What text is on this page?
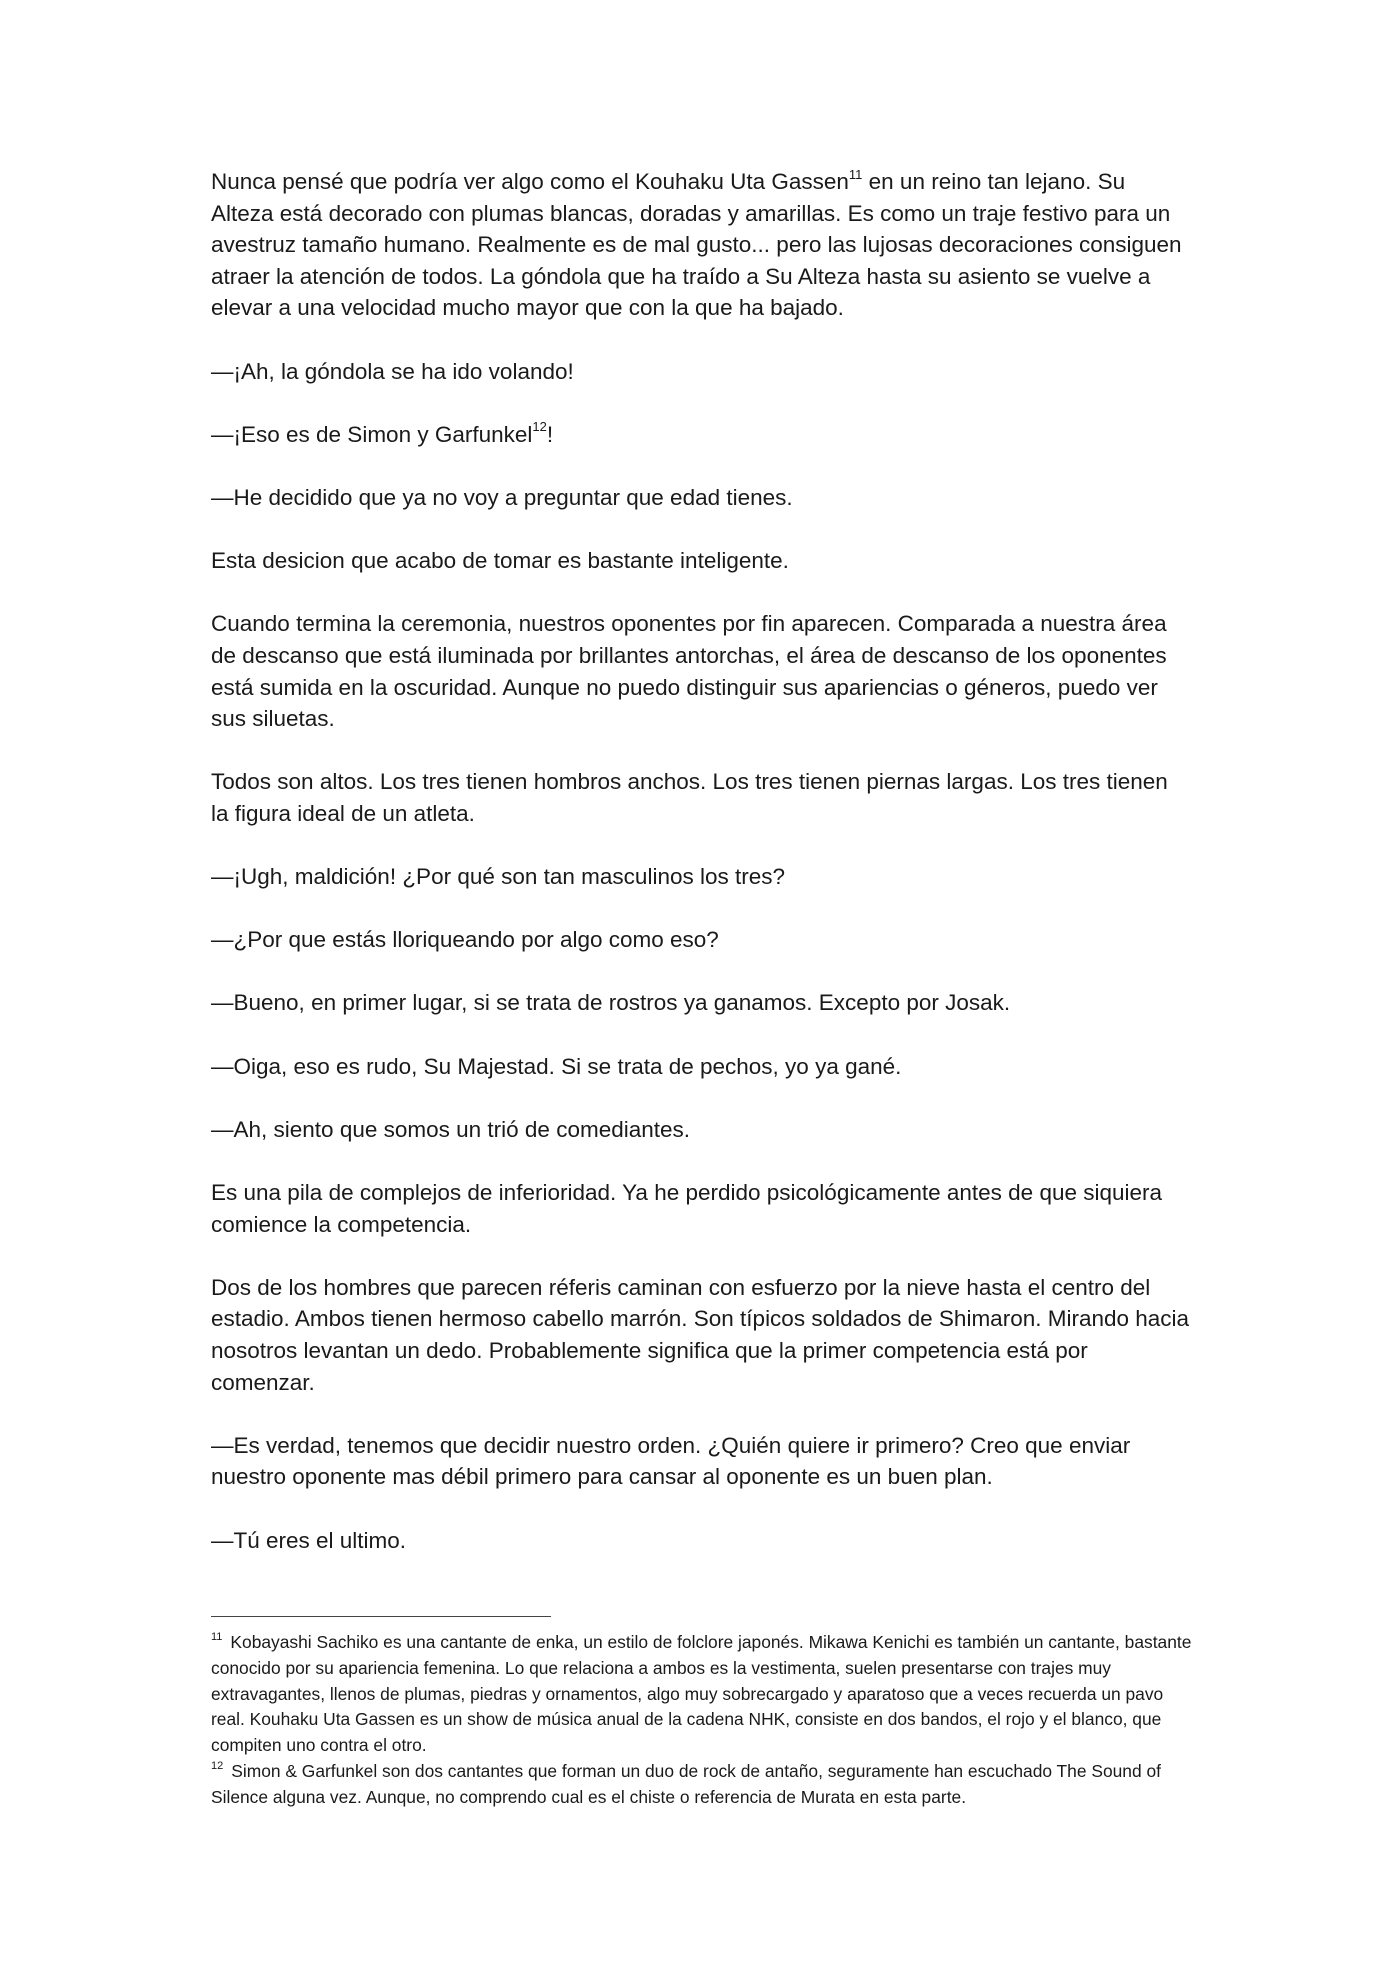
Nunca pensé que podría ver algo como el Kouhaku Uta Gassen$^{11}$ en un reino tan lejano. Su Alteza está decorado con plumas blancas, doradas y amarillas. Es como un traje festivo para un avestruz tamaño humano. Realmente es de mal gusto... pero las lujosas decoraciones consiguen atraer la atención de todos. La góndola que ha traído a Su Alteza hasta su asiento se vuelve a elevar a una velocidad mucho mayor que con la que ha bajado.

—¡Ah, la góndola se ha ido volando!

—¡Eso es de Simon y Garfunkel$^{12}$!

—He decidido que ya no voy a preguntar que edad tienes.

Esta desicion que acabo de tomar es bastante inteligente.

Cuando termina la ceremonia, nuestros oponentes por fin aparecen. Comparada a nuestra área de descanso que está iluminada por brillantes antorchas, el área de descanso de los oponentes está sumida en la oscuridad. Aunque no puedo distinguir sus apariencias o géneros, puedo ver sus siluetas.

Todos son altos. Los tres tienen hombros anchos. Los tres tienen piernas largas. Los tres tienen la figura ideal de un atleta.

—¡Ugh, maldición! ¿Por qué son tan masculinos los tres?

—¿Por que estás lloriqueando por algo como eso?

—Bueno, en primer lugar, si se trata de rostros ya ganamos. Excepto por Josak.

—Oiga, eso es rudo, Su Majestad. Si se trata de pechos, yo ya gané.

—Ah, siento que somos un trió de comediantes.

Es una pila de complejos de inferioridad. Ya he perdido psicológicamente antes de que siquiera comience la competencia.

Dos de los hombres que parecen réferis caminan con esfuerzo por la nieve hasta el centro del estadio. Ambos tienen hermoso cabello marrón. Son típicos soldados de Shimaron. Mirando hacia nosotros levantan un dedo. Probablemente significa que la primer competencia está por comenzar.

—Es verdad, tenemos que decidir nuestro orden. ¿Quién quiere ir primero? Creo que enviar nuestro oponente mas débil primero para cansar al oponente es un buen plan.

—Tú eres el ultimo.

$^{11}$ Kobayashi Sachiko es una cantante de enka, un estilo de folclore japonés. Mikawa Kenichi es también un cantante, bastante conocido por su apariencia femenina. Lo que relaciona a ambos es la vestimenta, suelen presentarse con trajes muy extravagantes, llenos de plumas, piedras y ornamentos, algo muy sobrecargado y aparatoso que a veces recuerda un pavo real. Kouhaku Uta Gassen es un show de música anual de la cadena NHK, consiste en dos bandos, el rojo y el blanco, que compiten uno contra el otro.

$^{12}$ Simon & Garfunkel son dos cantantes que forman un duo de rock de antaño, seguramente han escuchado The Sound of Silence alguna vez. Aunque, no comprendo cual es el chiste o referencia de Murata en esta parte.
